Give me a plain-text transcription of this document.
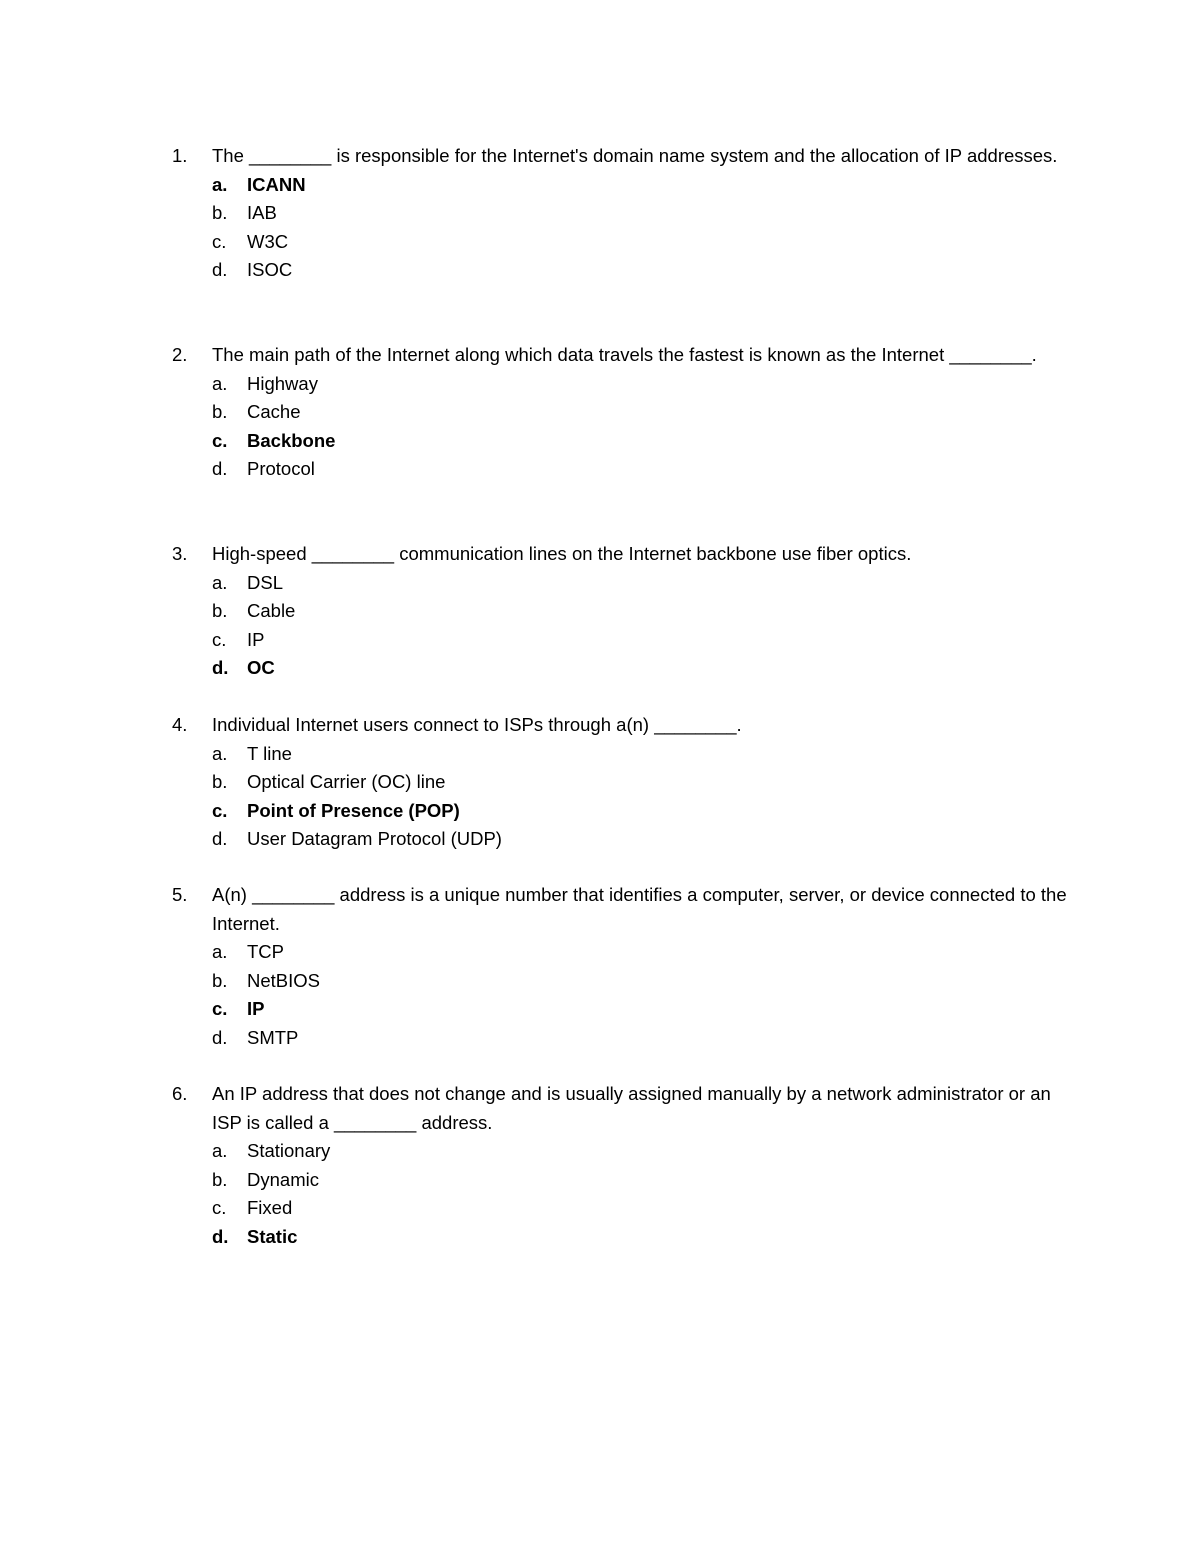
1.	The ________ is responsible for the Internet's domain name system and the allocation of IP addresses.
a. ICANN
b. IAB
c. W3C
d. ISOC
2.	The main path of the Internet along which data travels the fastest is known as the Internet ________.
a. Highway
b. Cache
c. Backbone
d. Protocol
3.	High-speed ________ communication lines on the Internet backbone use fiber optics.
a. DSL
b. Cable
c. IP
d. OC
4.	Individual Internet users connect to ISPs through a(n) ________.
a. T line
b. Optical Carrier (OC) line
c. Point of Presence (POP)
d. User Datagram Protocol (UDP)
5.	A(n) ________ address is a unique number that identifies a computer, server, or device connected to the Internet.
a. TCP
b. NetBIOS
c. IP
d. SMTP
6.	An IP address that does not change and is usually assigned manually by a network administrator or an ISP is called a ________ address.
a. Stationary
b. Dynamic
c. Fixed
d. Static
